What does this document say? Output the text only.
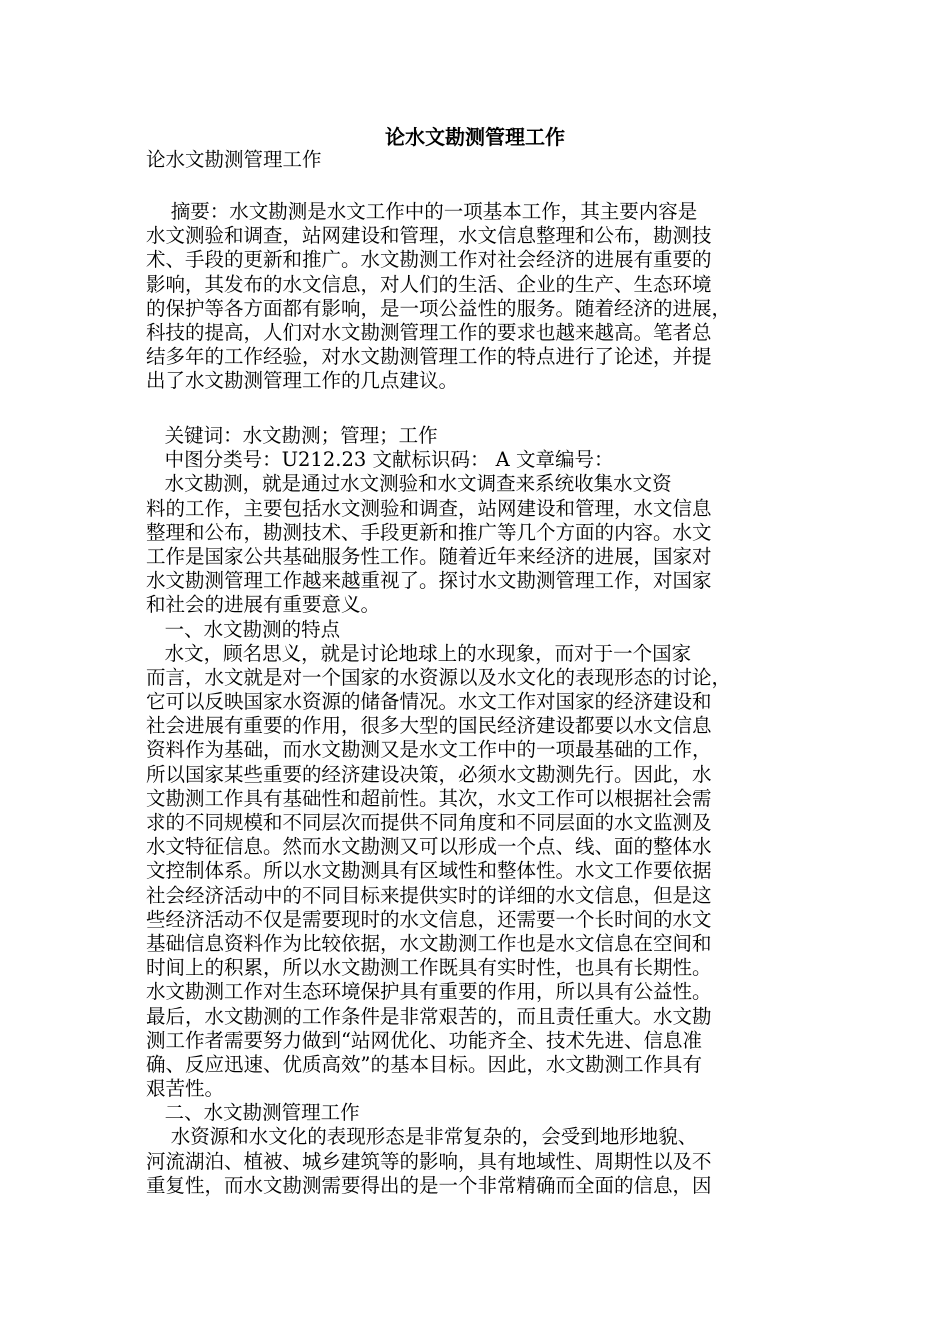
论水文勘测管理工作
论水文勘测管理工作
摘要：水文勘测是水文工作中的一项基本工作，其主要内容是
水文测验和调查，站网建设和管理，水文信息整理和公布，勘测技
术、手段的更新和推广。水文勘测工作对社会经济的进展有重要的
影响，其发布的水文信息，对人们的生活、企业的生产、生态环境
的保护等各方面都有影响，是一项公益性的服务。随着经济的进展，
科技的提高，人们对水文勘测管理工作的要求也越来越高。笔者总
结多年的工作经验，对水文勘测管理工作的特点进行了论述，并提
出了水文勘测管理工作的几点建议。
关键词：水文勘测；管理；工作
中图分类号：U212.23 文献标识码： A 文章编号：
水文勘测，就是通过水文测验和水文调查来系统收集水文资
料的工作，主要包括水文测验和调查，站网建设和管理，水文信息
整理和公布，勘测技术、手段更新和推广等几个方面的内容。水文
工作是国家公共基础服务性工作。随着近年来经济的进展，国家对
水文勘测管理工作越来越重视了。探讨水文勘测管理工作，对国家
和社会的进展有重要意义。
一、水文勘测的特点
水文，顾名思义，就是讨论地球上的水现象，而对于一个国家
而言，水文就是对一个国家的水资源以及水文化的表现形态的讨论，
它可以反映国家水资源的储备情况。水文工作对国家的经济建设和
社会进展有重要的作用，很多大型的国民经济建设都要以水文信息
资料作为基础，而水文勘测又是水文工作中的一项最基础的工作，
所以国家某些重要的经济建设决策，必须水文勘测先行。因此，水
文勘测工作具有基础性和超前性。其次，水文工作可以根据社会需
求的不同规模和不同层次而提供不同角度和不同层面的水文监测及
水文特征信息。然而水文勘测又可以形成一个点、线、面的整体水
文控制体系。所以水文勘测具有区域性和整体性。水文工作要依据
社会经济活动中的不同目标来提供实时的详细的水文信息，但是这
些经济活动不仅是需要现时的水文信息，还需要一个长时间的水文
基础信息资料作为比较依据，水文勘测工作也是水文信息在空间和
时间上的积累，所以水文勘测工作既具有实时性，也具有长期性。
水文勘测工作对生态环境保护具有重要的作用，所以具有公益性。
最后，水文勘测的工作条件是非常艰苦的，而且责任重大。水文勘
测工作者需要努力做到“站网优化、功能齐全、技术先进、信息准
确、反应迅速、优质高效”的基本目标。因此，水文勘测工作具有
艰苦性。
二、水文勘测管理工作
水资源和水文化的表现形态是非常复杂的，会受到地形地貌、
河流湖泊、植被、城乡建筑等的影响，具有地域性、周期性以及不
重复性，而水文勘测需要得出的是一个非常精确而全面的信息，因
